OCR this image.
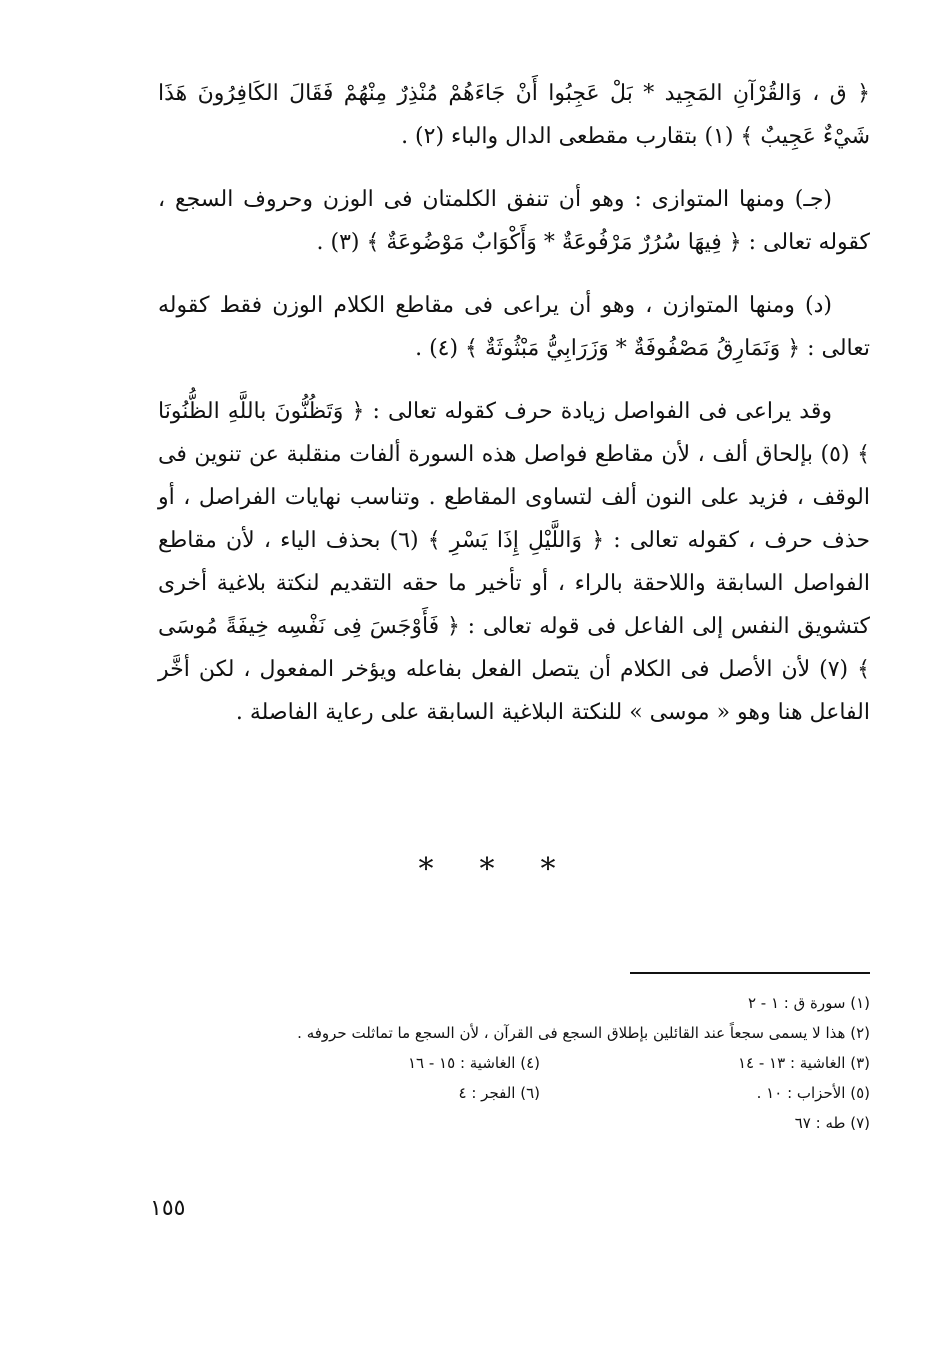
﴿ ق ، وَالقُرْآنِ المَجِيد * بَلْ عَجِبُوا أَنْ جَاءَهُمْ مُنْذِرٌ مِنْهُمْ فَقَالَ الكَافِرُونَ هَذَا شَيْءٌ عَجِيبٌ ﴾ (١) بتقارب مقطعى الدال والباء (٢) .

(جـ) ومنها المتوازى : وهو أن تنفق الكلمتان فى الوزن وحروف السجع ، كقوله تعالى : ﴿ فِيهَا سُرُرٌ مَرْفُوعَةٌ * وَأَكْوَابٌ مَوْضُوعَةٌ ﴾ (٣) .

(د) ومنها المتوازن ، وهو أن يراعى فى مقاطع الكلام الوزن فقط كقوله تعالى : ﴿ وَنَمَارِقُ مَصْفُوفَةٌ * وَزَرَابِيُّ مَبْثُوثَةٌ ﴾ (٤) .

وقد يراعى فى الفواصل زيادة حرف كقوله تعالى : ﴿ وَتَظُنُّونَ باللَّهِ الظُّنُونَا ﴾ (٥) بإلحاق ألف ، لأن مقاطع فواصل هذه السورة ألفات منقلبة عن تنوين فى الوقف ، فزيد على النون ألف لتساوى المقاطع . وتناسب نهايات الفراصل ، أو حذف حرف ، كقوله تعالى : ﴿ وَاللَّيْلِ إِذَا يَسْرِ ﴾ (٦) بحذف الياء ، لأن مقاطع الفواصل السابقة واللاحقة بالراء ، أو تأخير ما حقه التقديم لنكتة بلاغية أخرى كتشويق النفس إلى الفاعل فى قوله تعالى : ﴿ فَأَوْجَسَ فِى نَفْسِه خِيفَةً مُوسَى ﴾ (٧) لأن الأصل فى الكلام أن يتصل الفعل بفاعله ويؤخر المفعول ، لكن أخَّر الفاعل هنا وهو « موسى » للنكتة البلاغية السابقة على رعاية الفاصلة .

***

(١) سورة ق : ١ - ٢

(٢) هذا لا يسمى سجعاً عند القائلين بإطلاق السجع فى القرآن ، لأن السجع ما تماثلت حروفه .

(٣) الغاشية : ١٣ - ١٤

(٤) الغاشية : ١٥ - ١٦

(٥) الأحزاب : ١٠ .

(٦) الفجر : ٤

(٧) طه : ٦٧

١٥٥
